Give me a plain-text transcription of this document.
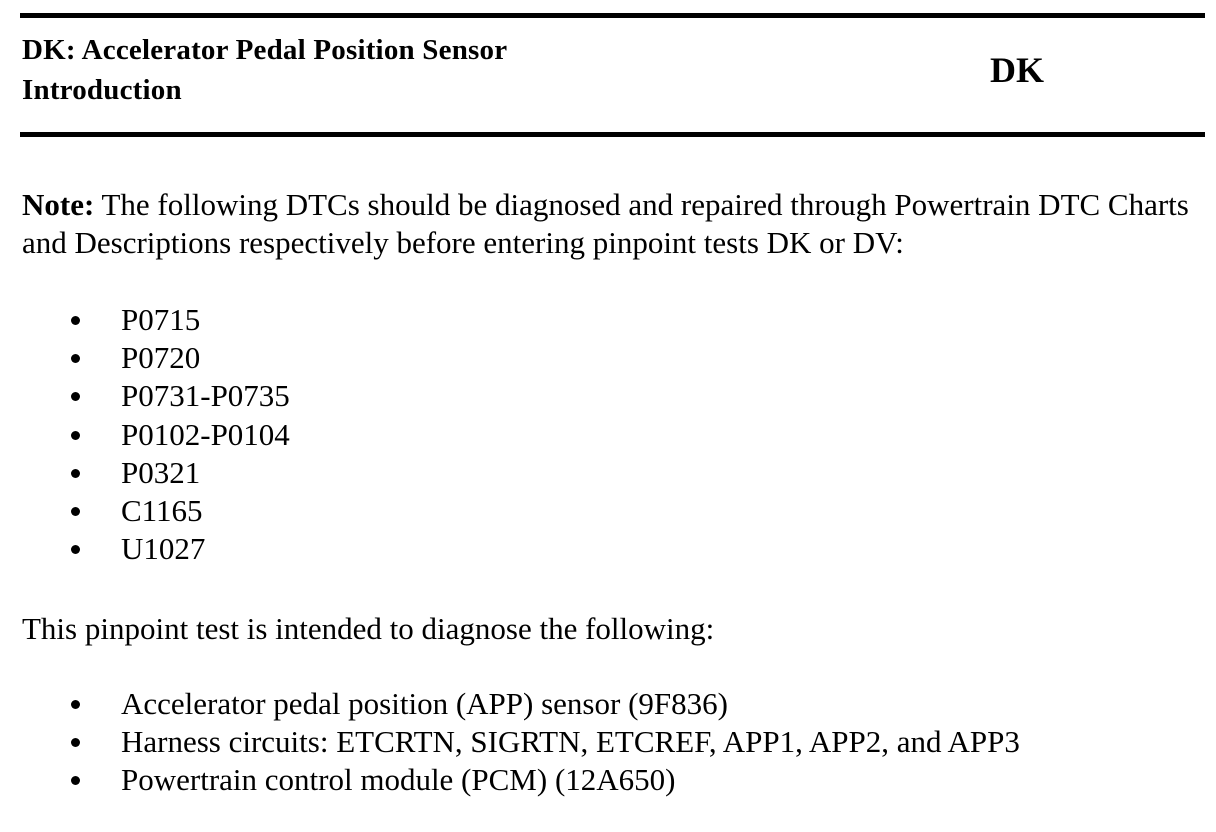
DK: Accelerator Pedal Position Sensor
Introduction	DK
Note: The following DTCs should be diagnosed and repaired through Powertrain DTC Charts and Descriptions respectively before entering pinpoint tests DK or DV:
P0715
P0720
P0731-P0735
P0102-P0104
P0321
C1165
U1027
This pinpoint test is intended to diagnose the following:
Accelerator pedal position (APP) sensor (9F836)
Harness circuits: ETCRTN, SIGRTN, ETCREF, APP1, APP2, and APP3
Powertrain control module (PCM) (12A650)
